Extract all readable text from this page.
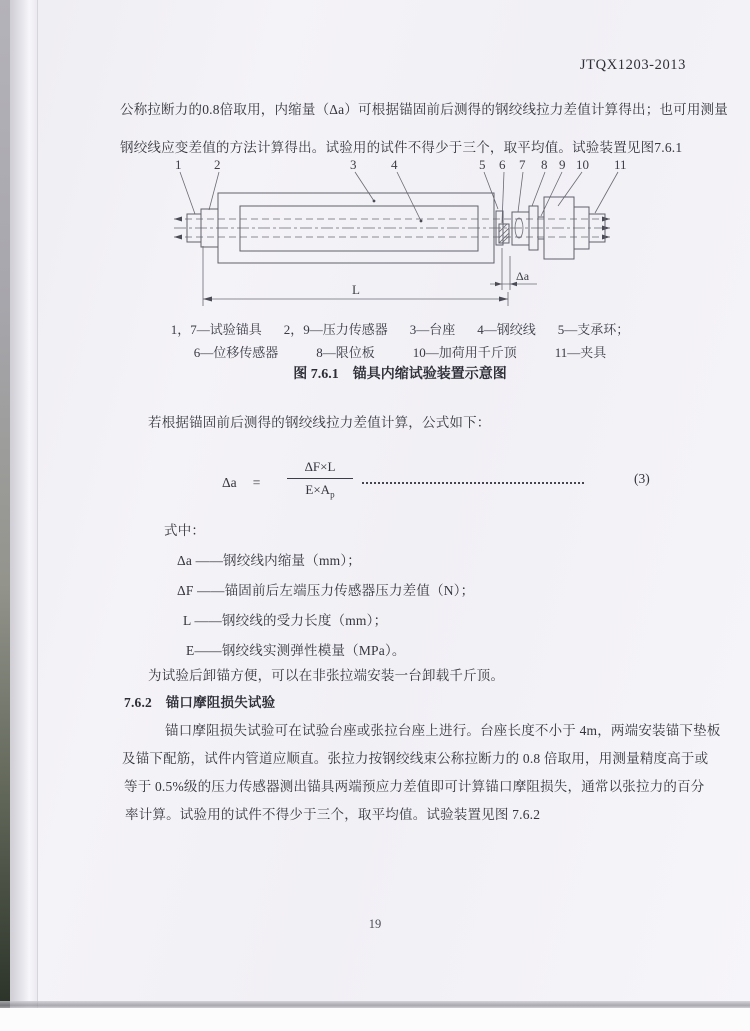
JTQX1203-2013
公称拉断力的0.8倍取用，内缩量（Δa）可根据锚固前后测得的钢绞线拉力差值计算得出；也可用测量
钢绞线应变差值的方法计算得出。试验用的试件不得少于三个，取平均值。试验装置见图7.6.1
1	2	3	4	5 6 7 8 9 10 11
Δa
L
1，7—试验锚具 2，9—压力传感器 3—台座 4—钢绞线 5—支承环；
6—位移传感器	8—限位板	10—加荷用千斤顶	11—夹具
图 7.6.1　锚具内缩试验装置示意图
若根据锚固前后测得的钢绞线拉力差值计算，公式如下：
$\Delta a = \frac{\Delta F\times L}{E\times A_p}$	(3)
式中：
Δa ——钢绞线内缩量（mm）；
ΔF ——锚固前后左端压力传感器压力差值（N）；
L ——钢绞线的受力长度（mm）；
E——钢绞线实测弹性模量（MPa）。
为试验后卸锚方便，可以在非张拉端安装一台卸载千斤顶。
7.6.2　锚口摩阻损失试验
锚口摩阻损失试验可在试验台座或张拉台座上进行。台座长度不小于 4m，两端安装锚下垫板
及锚下配筋，试件内管道应顺直。张拉力按钢绞线束公称拉断力的 0.8 倍取用，用测量精度高于或
等于 0.5%级的压力传感器测出锚具两端预应力差值即可计算锚口摩阻损失，通常以张拉力的百分
率计算。试验用的试件不得少于三个，取平均值。试验装置见图 7.6.2
19
